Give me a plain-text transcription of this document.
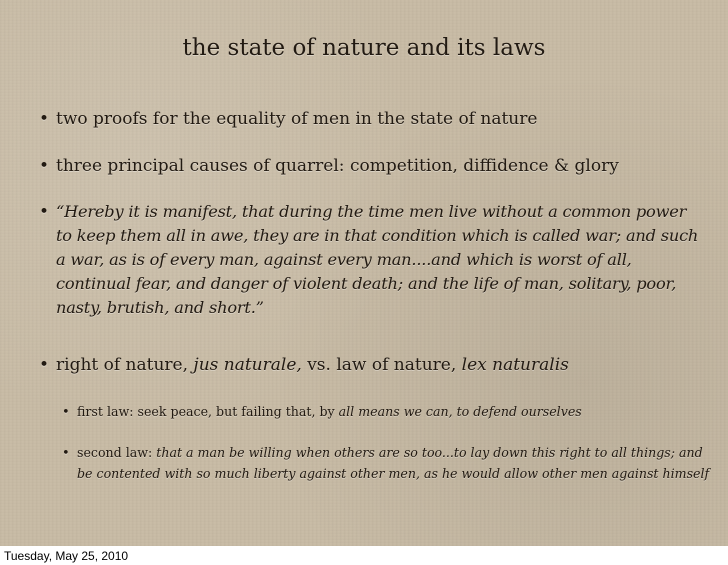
the state of nature and its laws
• two proofs for the equality of men in the state of nature
• three principal causes of quarrel: competition, diffidence & glory
• “Hereby it is manifest, that during the time men live without a common power to keep them all in awe, they are in that condition which is called war; and such a war, as is of every man, against every man....and which is worst of all, continual fear, and danger of violent death; and the life of man, solitary, poor, nasty, brutish, and short.”
• right of nature, jus naturale, vs. law of nature, lex naturalis
• first law: seek peace, but failing that, by all means we can, to defend ourselves
• second law: that a man be willing when others are so too...to lay down this right to all things; and
be contented with so much liberty against other men, as he would allow other men against himself
Tuesday, May 25, 2010
